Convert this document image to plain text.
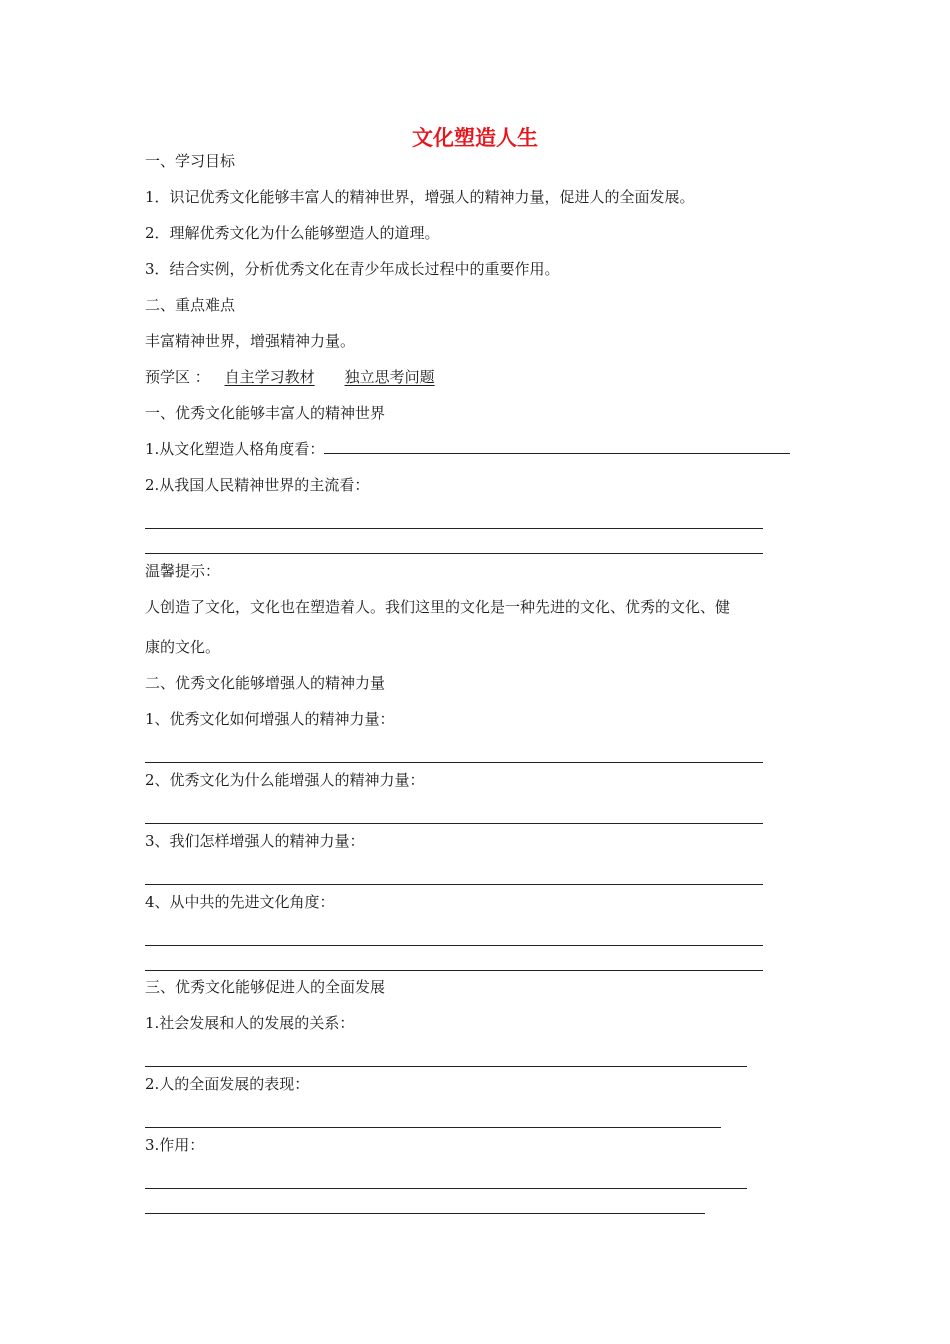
文化塑造人生
一、学习目标
1．识记优秀文化能够丰富人的精神世界，增强人的精神力量，促进人的全面发展。
2．理解优秀文化为什么能够塑造人的道理。
3．结合实例，分析优秀文化在青少年成长过程中的重要作用。
二、重点难点
丰富精神世界，增强精神力量。
预学区 ： 自主学习教材 独立思考问题
一、优秀文化能够丰富人的精神世界
1.从文化塑造人格角度看：
2.从我国人民精神世界的主流看：
温馨提示：
人创造了文化，文化也在塑造着人。我们这里的文化是一种先进的文化、优秀的文化、健
康的文化。
二、优秀文化能够增强人的精神力量
1、优秀文化如何增强人的精神力量：
2、优秀文化为什么能增强人的精神力量：
3、我们怎样增强人的精神力量：
4、从中共的先进文化角度：
三、优秀文化能够促进人的全面发展
1.社会发展和人的发展的关系：
2.人的全面发展的表现：
3.作用：
